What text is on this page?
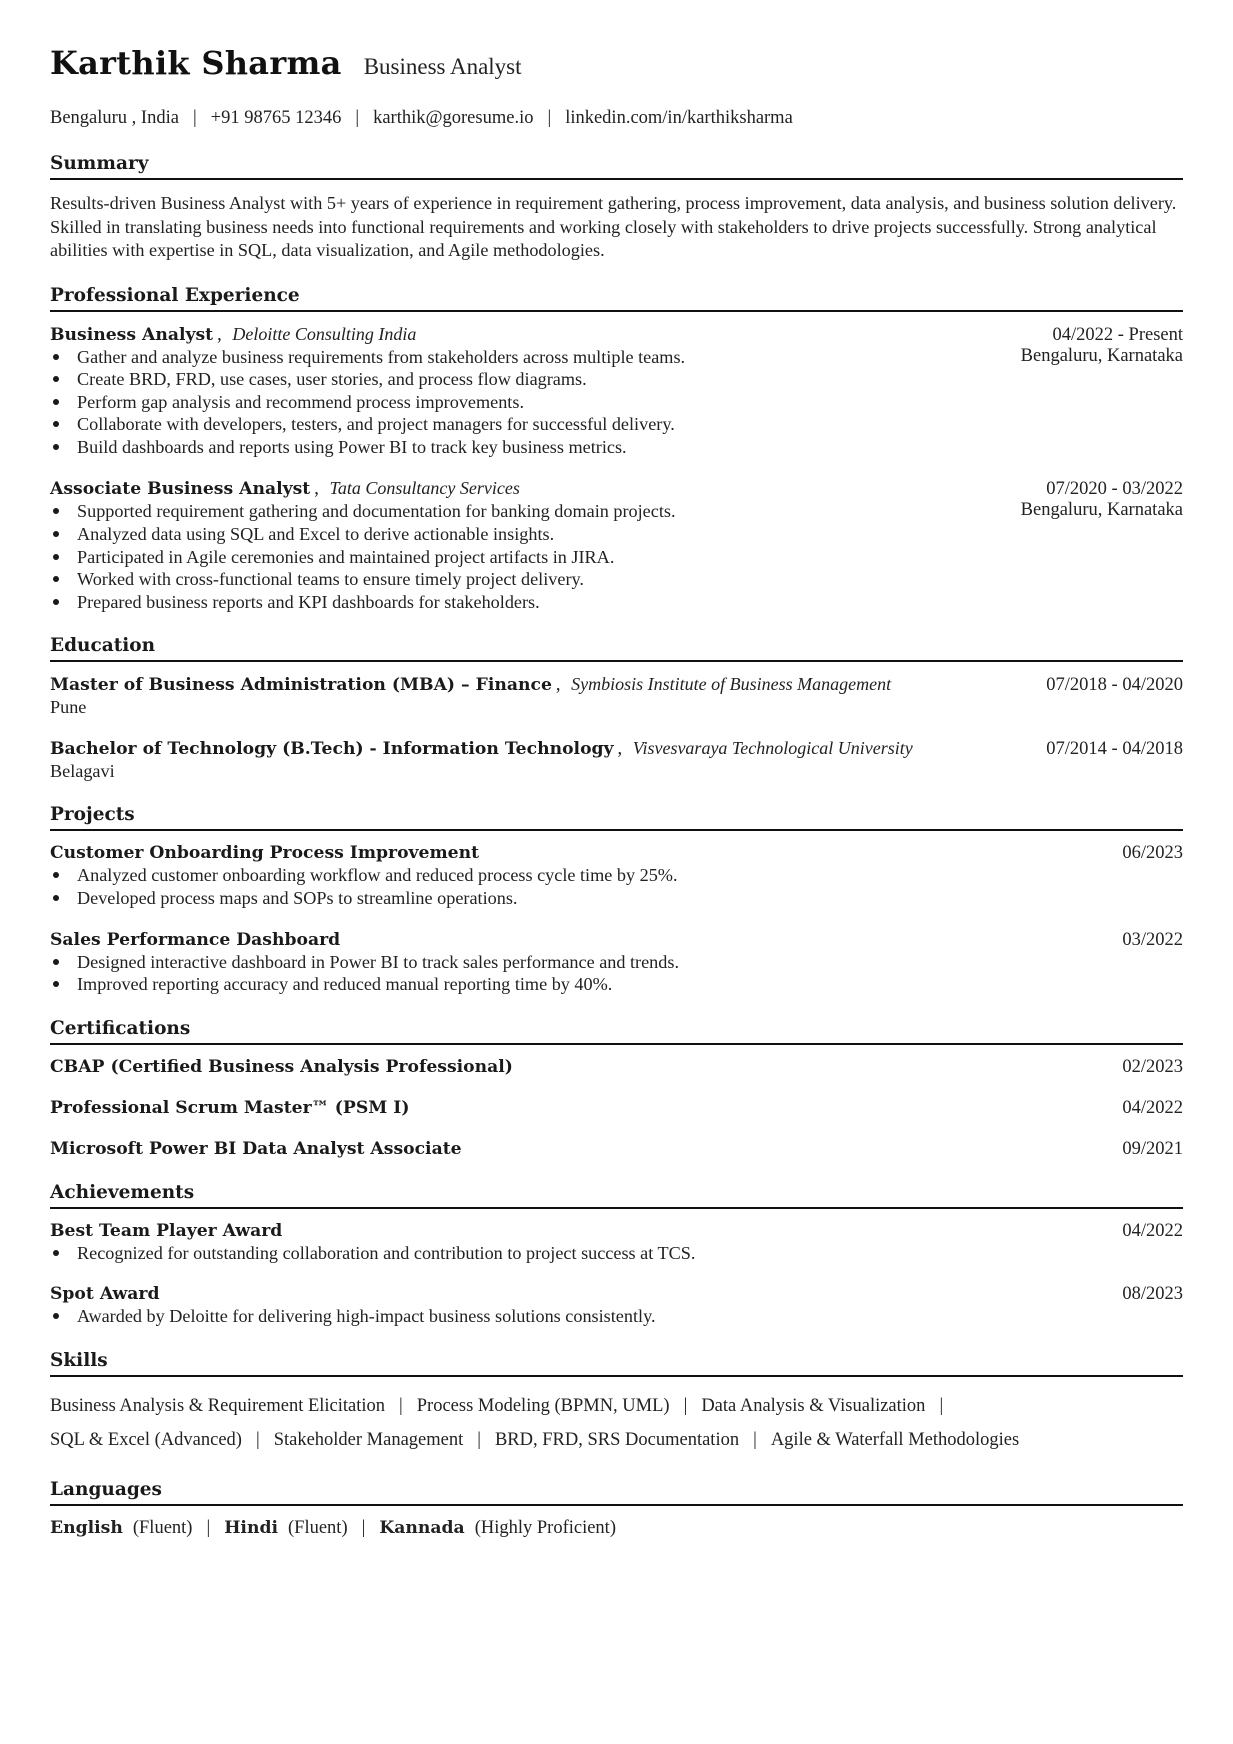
Karthik Sharma Business Analyst
Bengaluru , India | +91 98765 12346 | karthik@goresume.io | linkedin.com/in/karthiksharma
Summary
Results-driven Business Analyst with 5+ years of experience in requirement gathering, process improvement, data analysis, and business solution delivery. Skilled in translating business needs into functional requirements and working closely with stakeholders to drive projects successfully. Strong analytical abilities with expertise in SQL, data visualization, and Agile methodologies.
Professional Experience
Business Analyst , Deloitte Consulting India	04/2022 - Present
Gather and analyze business requirements from stakeholders across multiple teams.
Create BRD, FRD, use cases, user stories, and process flow diagrams.
Perform gap analysis and recommend process improvements.
Collaborate with developers, testers, and project managers for successful delivery.
Build dashboards and reports using Power BI to track key business metrics.
Bengaluru, Karnataka
Associate Business Analyst , Tata Consultancy Services	07/2020 - 03/2022
Supported requirement gathering and documentation for banking domain projects.
Analyzed data using SQL and Excel to derive actionable insights.
Participated in Agile ceremonies and maintained project artifacts in JIRA.
Worked with cross-functional teams to ensure timely project delivery.
Prepared business reports and KPI dashboards for stakeholders.
Bengaluru, Karnataka
Education
Master of Business Administration (MBA) – Finance , Symbiosis Institute of Business Management	07/2018 - 04/2020
Pune
Bachelor of Technology (B.Tech) - Information Technology , Visvesvaraya Technological University	07/2014 - 04/2018
Belagavi
Projects
Customer Onboarding Process Improvement	06/2023
Analyzed customer onboarding workflow and reduced process cycle time by 25%.
Developed process maps and SOPs to streamline operations.
Sales Performance Dashboard	03/2022
Designed interactive dashboard in Power BI to track sales performance and trends.
Improved reporting accuracy and reduced manual reporting time by 40%.
Certifications
CBAP (Certified Business Analysis Professional)	02/2023
Professional Scrum Master™ (PSM I)	04/2022
Microsoft Power BI Data Analyst Associate	09/2021
Achievements
Best Team Player Award	04/2022
Recognized for outstanding collaboration and contribution to project success at TCS.
Spot Award	08/2023
Awarded by Deloitte for delivering high-impact business solutions consistently.
Skills
Business Analysis & Requirement Elicitation | Process Modeling (BPMN, UML) | Data Analysis & Visualization |
SQL & Excel (Advanced) | Stakeholder Management | BRD, FRD, SRS Documentation | Agile & Waterfall Methodologies
Languages
English (Fluent) | Hindi (Fluent) | Kannada (Highly Proficient)
